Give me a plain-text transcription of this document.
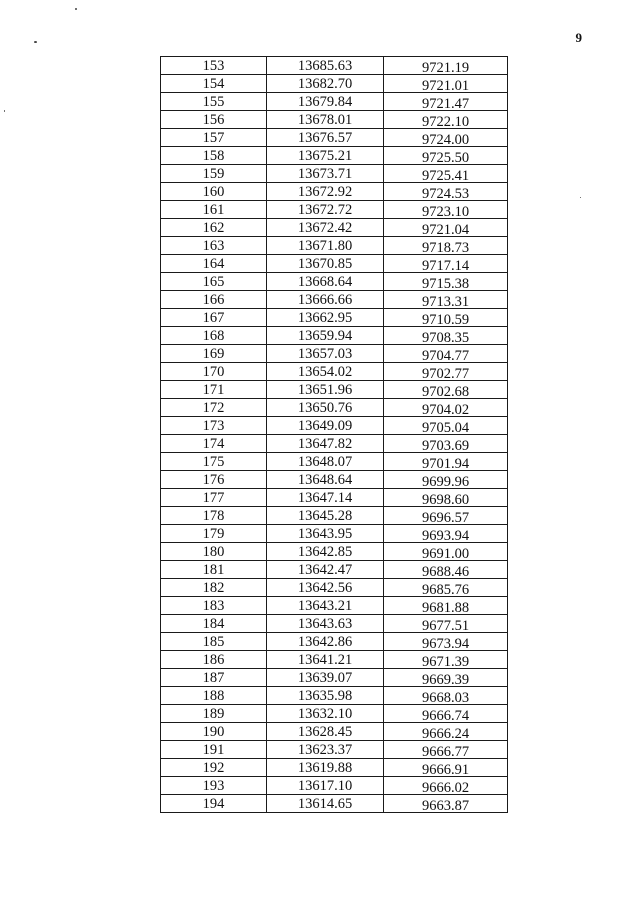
9
153	13685.63	9721.19
154	13682.70	9721.01
155	13679.84	9721.47
156	13678.01	9722.10
157	13676.57	9724.00
158	13675.21	9725.50
159	13673.71	9725.41
160	13672.92	9724.53
161	13672.72	9723.10
162	13672.42	9721.04
163	13671.80	9718.73
164	13670.85	9717.14
165	13668.64	9715.38
166	13666.66	9713.31
167	13662.95	9710.59
168	13659.94	9708.35
169	13657.03	9704.77
170	13654.02	9702.77
171	13651.96	9702.68
172	13650.76	9704.02
173	13649.09	9705.04
174	13647.82	9703.69
175	13648.07	9701.94
176	13648.64	9699.96
177	13647.14	9698.60
178	13645.28	9696.57
179	13643.95	9693.94
180	13642.85	9691.00
181	13642.47	9688.46
182	13642.56	9685.76
183	13643.21	9681.88
184	13643.63	9677.51
185	13642.86	9673.94
186	13641.21	9671.39
187	13639.07	9669.39
188	13635.98	9668.03
189	13632.10	9666.74
190	13628.45	9666.24
191	13623.37	9666.77
192	13619.88	9666.91
193	13617.10	9666.02
194	13614.65	9663.87
